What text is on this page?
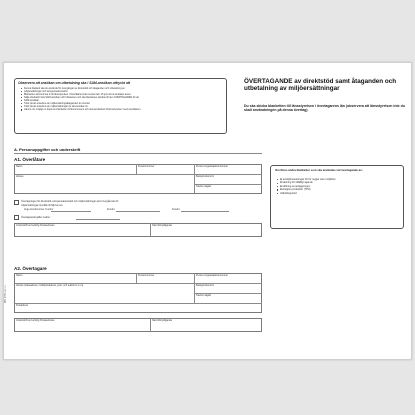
Observera att ansökan om utbetalning ska i SAM-ansökan uttryckt att
Denna blankett ska du använda för övergångar av direktstöd och åtaganden och utbetalning av
miljöersättningar och kompensationsstöd.
Blanketten ska komma in till länsstyrelsen i Överlåtarens län senast den 15 juni det år ansökan avser.
Sälja direktstöd ska SAM-ansökan och blanketten och ska blanketten skickas till den ÖVERTAGAREN för att
SAM-ansökan.
Tänk på att anteckna de miljöersättningsåtaganden du övertar.
Tänk på att anteckna de miljöersättningar du ska ansöka om.
Lämna om möjligt en kopia av blanketten till kommunens och denna blankett till länsstyrelsen med överlåtaren.
ÖVERTAGANDE av direktstöd samt åtaganden och utbetalning av miljöersättningar
Du ska skicka blanketten till länsstyrelsen i övertagarens län (observera att länsstyrelsen inte du skall användningen på denna övertag)
A. Personuppgifter och underskrift
A1. Överlåtare
Namn	Personnummer	Person-/organisationsnummer
Adress	Bankgiro/kontonr
Telefon dagtid
Övertagningen för direktstöd, kompensationsstöd och miljöersättningar samt övergående för
miljöersättningar överlåts till följd av arv
Ange kundnummer: Kundnr	Kundnr	Kundnr
Överlagsavtal gäller mellan:
Underskrift av behörig firmatecknare	Namnförtydligande
Om Reno andra blanketter som ska användas vid övertagande av:
Ej avslöjsbeslutningar för för reggar samt miljöföre
Ersättning för tillfälligt ägande
Ersättning av anläggningen
Ekologisk produktion (TPN)
Vallodlingsstöd
A2. Övertagare
Namn	Personnummer	Person-/organisationsnummer
Adress (Gatuadress, mobilpostadress, post- och telefonnr m.m)	Bankgiro/kontonr
Telefon dagtid
Postadress
Underskrift av behörig firmatecknare	Namnförtydligande
JBV 0150 ver 1.1
